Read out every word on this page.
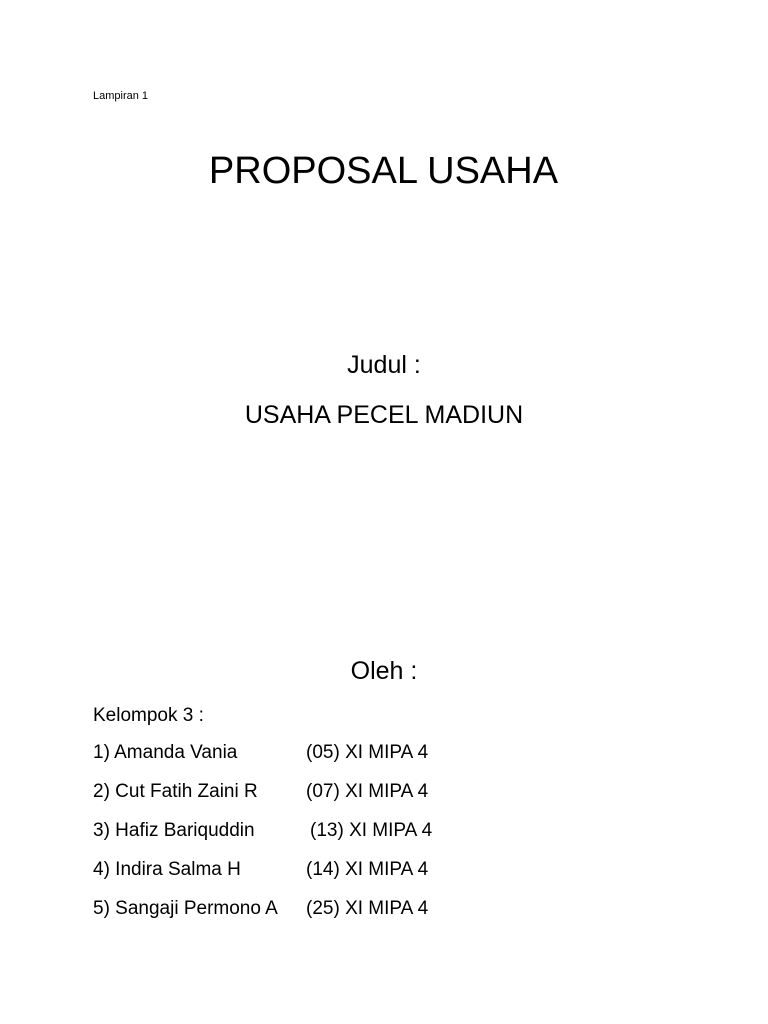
Lampiran 1
PROPOSAL USAHA
Judul :
USAHA PECEL MADIUN
Oleh :
Kelompok 3 :
1) Amanda Vania	(05) XI MIPA 4
2) Cut Fatih Zaini R	(07) XI MIPA 4
3) Hafiz Bariquddin	(13) XI MIPA 4
4) Indira Salma H	(14) XI MIPA 4
5) Sangaji Permono A (25) XI MIPA 4
